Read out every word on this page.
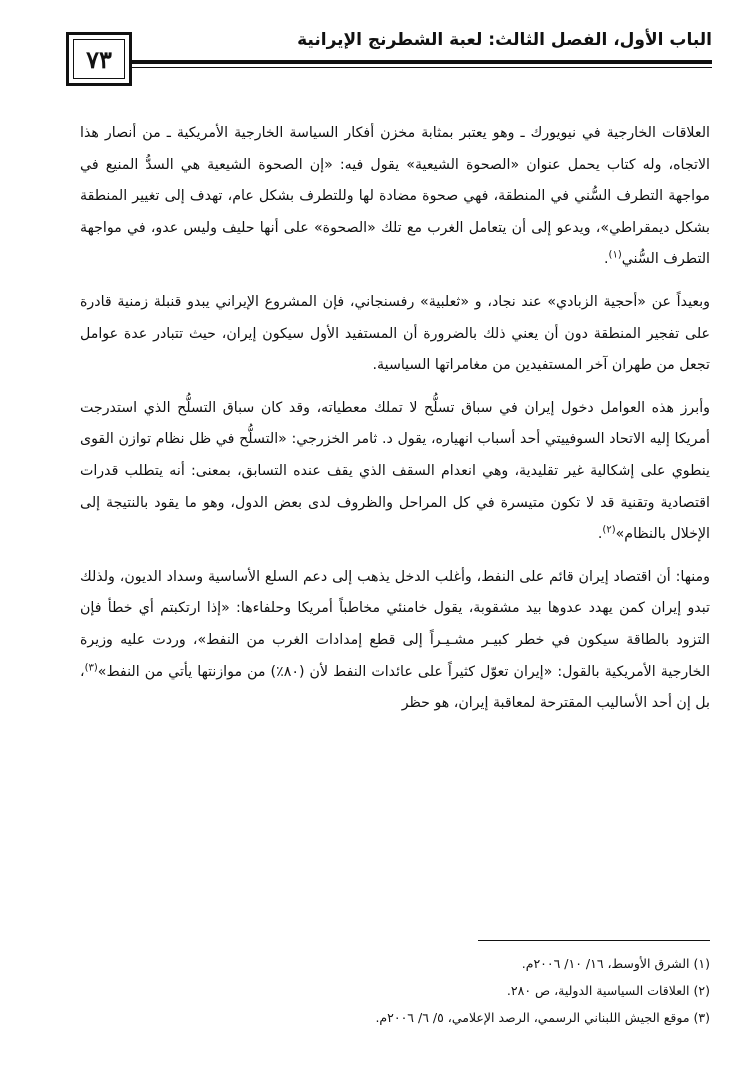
٧٣
الباب الأول، الفصل الثالث: لعبة الشطرنج الإيرانية

العلاقات الخارجية في نيويورك ـ وهو يعتبر بمثابة مخزن أفكار السياسة الخارجية الأمريكية ـ من أنصار هذا الاتجاه، وله كتاب يحمل عنوان «الصحوة الشيعية» يقول فيه: «إن الصحوة الشيعية هي السدُّ المنيع في مواجهة التطرف السُّني في المنطقة، فهي صحوة مضادة لها وللتطرف بشكل عام، تهدف إلى تغيير المنطقة بشكل ديمقراطي»، ويدعو إلى أن يتعامل الغرب مع تلك «الصحوة» على أنها حليف وليس عدو، في مواجهة التطرف السُّني$^{(١)}$.

وبعيداً عن «أحجية الزبادي» عند نجاد، و «ثعلبية» رفسنجاني، فإن المشروع الإيراني يبدو قنبلة زمنية قادرة على تفجير المنطقة دون أن يعني ذلك بالضرورة أن المستفيد الأول سيكون إيران، حيث تتبادر عدة عوامل تجعل من طهران آخر المستفيدين من مغامراتها السياسية.

وأبرز هذه العوامل دخول إيران في سباق تسلُّح لا تملك معطياته، وقد كان سباق التسلُّح الذي استدرجت أمريكا إليه الاتحاد السوفييتي أحد أسباب انهياره، يقول د. ثامر الخزرجي: «التسلُّح في ظل نظام توازن القوى ينطوي على إشكالية غير تقليدية، وهي انعدام السقف الذي يقف عنده التسابق، بمعنى: أنه يتطلب قدرات اقتصادية وتقنية قد لا تكون متيسرة في كل المراحل والظروف لدى بعض الدول، وهو ما يقود بالنتيجة إلى الإخلال بالنظام»$^{(٢)}$.

ومنها: أن اقتصاد إيران قائم على النفط، وأغلب الدخل يذهب إلى دعم السلع الأساسية وسداد الديون، ولذلك تبدو إيران كمن يهدد عدوها بيد مشقوبة، يقول خامنئي مخاطباً أمريكا وحلفاءها: «إذا ارتكبتم أي خطأ فإن التزود بالطاقة سيكون في خطر كبيـر مشـيـراً إلى قطع إمدادات الغرب من النفط»، وردت عليه وزيرة الخارجية الأمريكية بالقول: «إيران تعوّل كثيراً على عائدات النفط لأن (٨٠٪) من موازنتها يأتي من النفط»$^{(٣)}$، بل إن أحد الأساليب المقترحة لمعاقبة إيران، هو حظر

(١) الشرق الأوسط، ١٦/ ١٠/ ٢٠٠٦م.

(٢) العلاقات السياسية الدولية، ص ٢٨٠.

(٣) موقع الجيش اللبناني الرسمي، الرصد الإعلامي، ٥/ ٦/ ٢٠٠٦م.
